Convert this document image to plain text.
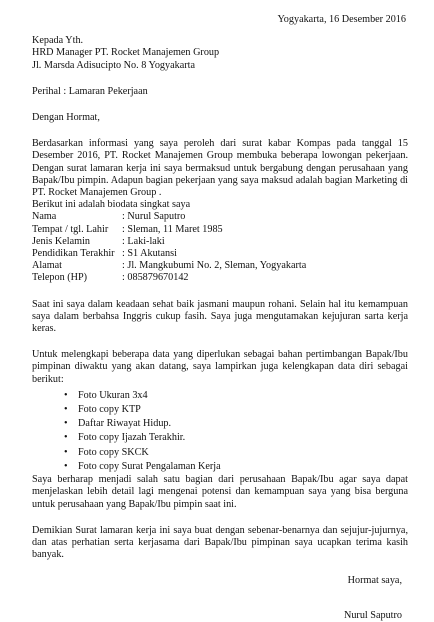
Yogyakarta, 16 Desember 2016

Kepada Yth.

HRD Manager PT. Rocket Manajemen Group

Jl. Marsda Adisucipto No. 8 Yogyakarta

Perihal : Lamaran Pekerjaan

Dengan Hormat,

Berdasarkan informasi yang saya peroleh dari surat kabar Kompas pada tanggal 15 Desember 2016, PT. Rocket Manajemen Group membuka beberapa lowongan pekerjaan. Dengan surat lamaran kerja ini saya bermaksud untuk bergabung dengan perusahaan yang Bapak/Ibu pimpin. Adapun bagian pekerjaan yang saya maksud adalah bagian Marketing di PT. Rocket Manajemen Group .

Berikut ini adalah biodata singkat saya

Nama	: Nurul Saputro
Tempat / tgl. Lahir	: Sleman, 11 Maret 1985
Jenis Kelamin	: Laki-laki
Pendidikan Terakhir	: S1 Akutansi
Alamat	: Jl. Mangkubumi No. 2, Sleman, Yogyakarta
Telepon (HP)	: 085879670142

Saat ini saya dalam keadaan sehat baik jasmani maupun rohani. Selain hal itu kemampuan saya dalam berbahsa Inggris cukup fasih. Saya juga mengutamakan kejujuran sarta kerja keras.

Untuk melengkapi beberapa data yang diperlukan sebagai bahan pertimbangan Bapak/Ibu pimpinan diwaktu yang akan datang, saya lampirkan juga kelengkapan data diri sebagai berikut:

• Foto Ukuran 3x4
• Foto copy KTP
• Daftar Riwayat Hidup.
• Foto copy Ijazah Terakhir.
• Foto copy SKCK
• Foto copy Surat Pengalaman Kerja

Saya berharap menjadi salah satu bagian dari perusahaan Bapak/Ibu agar saya dapat menjelaskan lebih detail lagi mengenai potensi dan kemampuan saya yang bisa berguna untuk perusahaan yang Bapak/Ibu pimpin saat ini.

Demikian Surat lamaran kerja ini saya buat dengan sebenar-benarnya dan sejujur-jujurnya, dan atas perhatian serta kerjasama dari Bapak/Ibu pimpinan saya ucapkan terima kasih banyak.

Hormat saya,

Nurul Saputro
